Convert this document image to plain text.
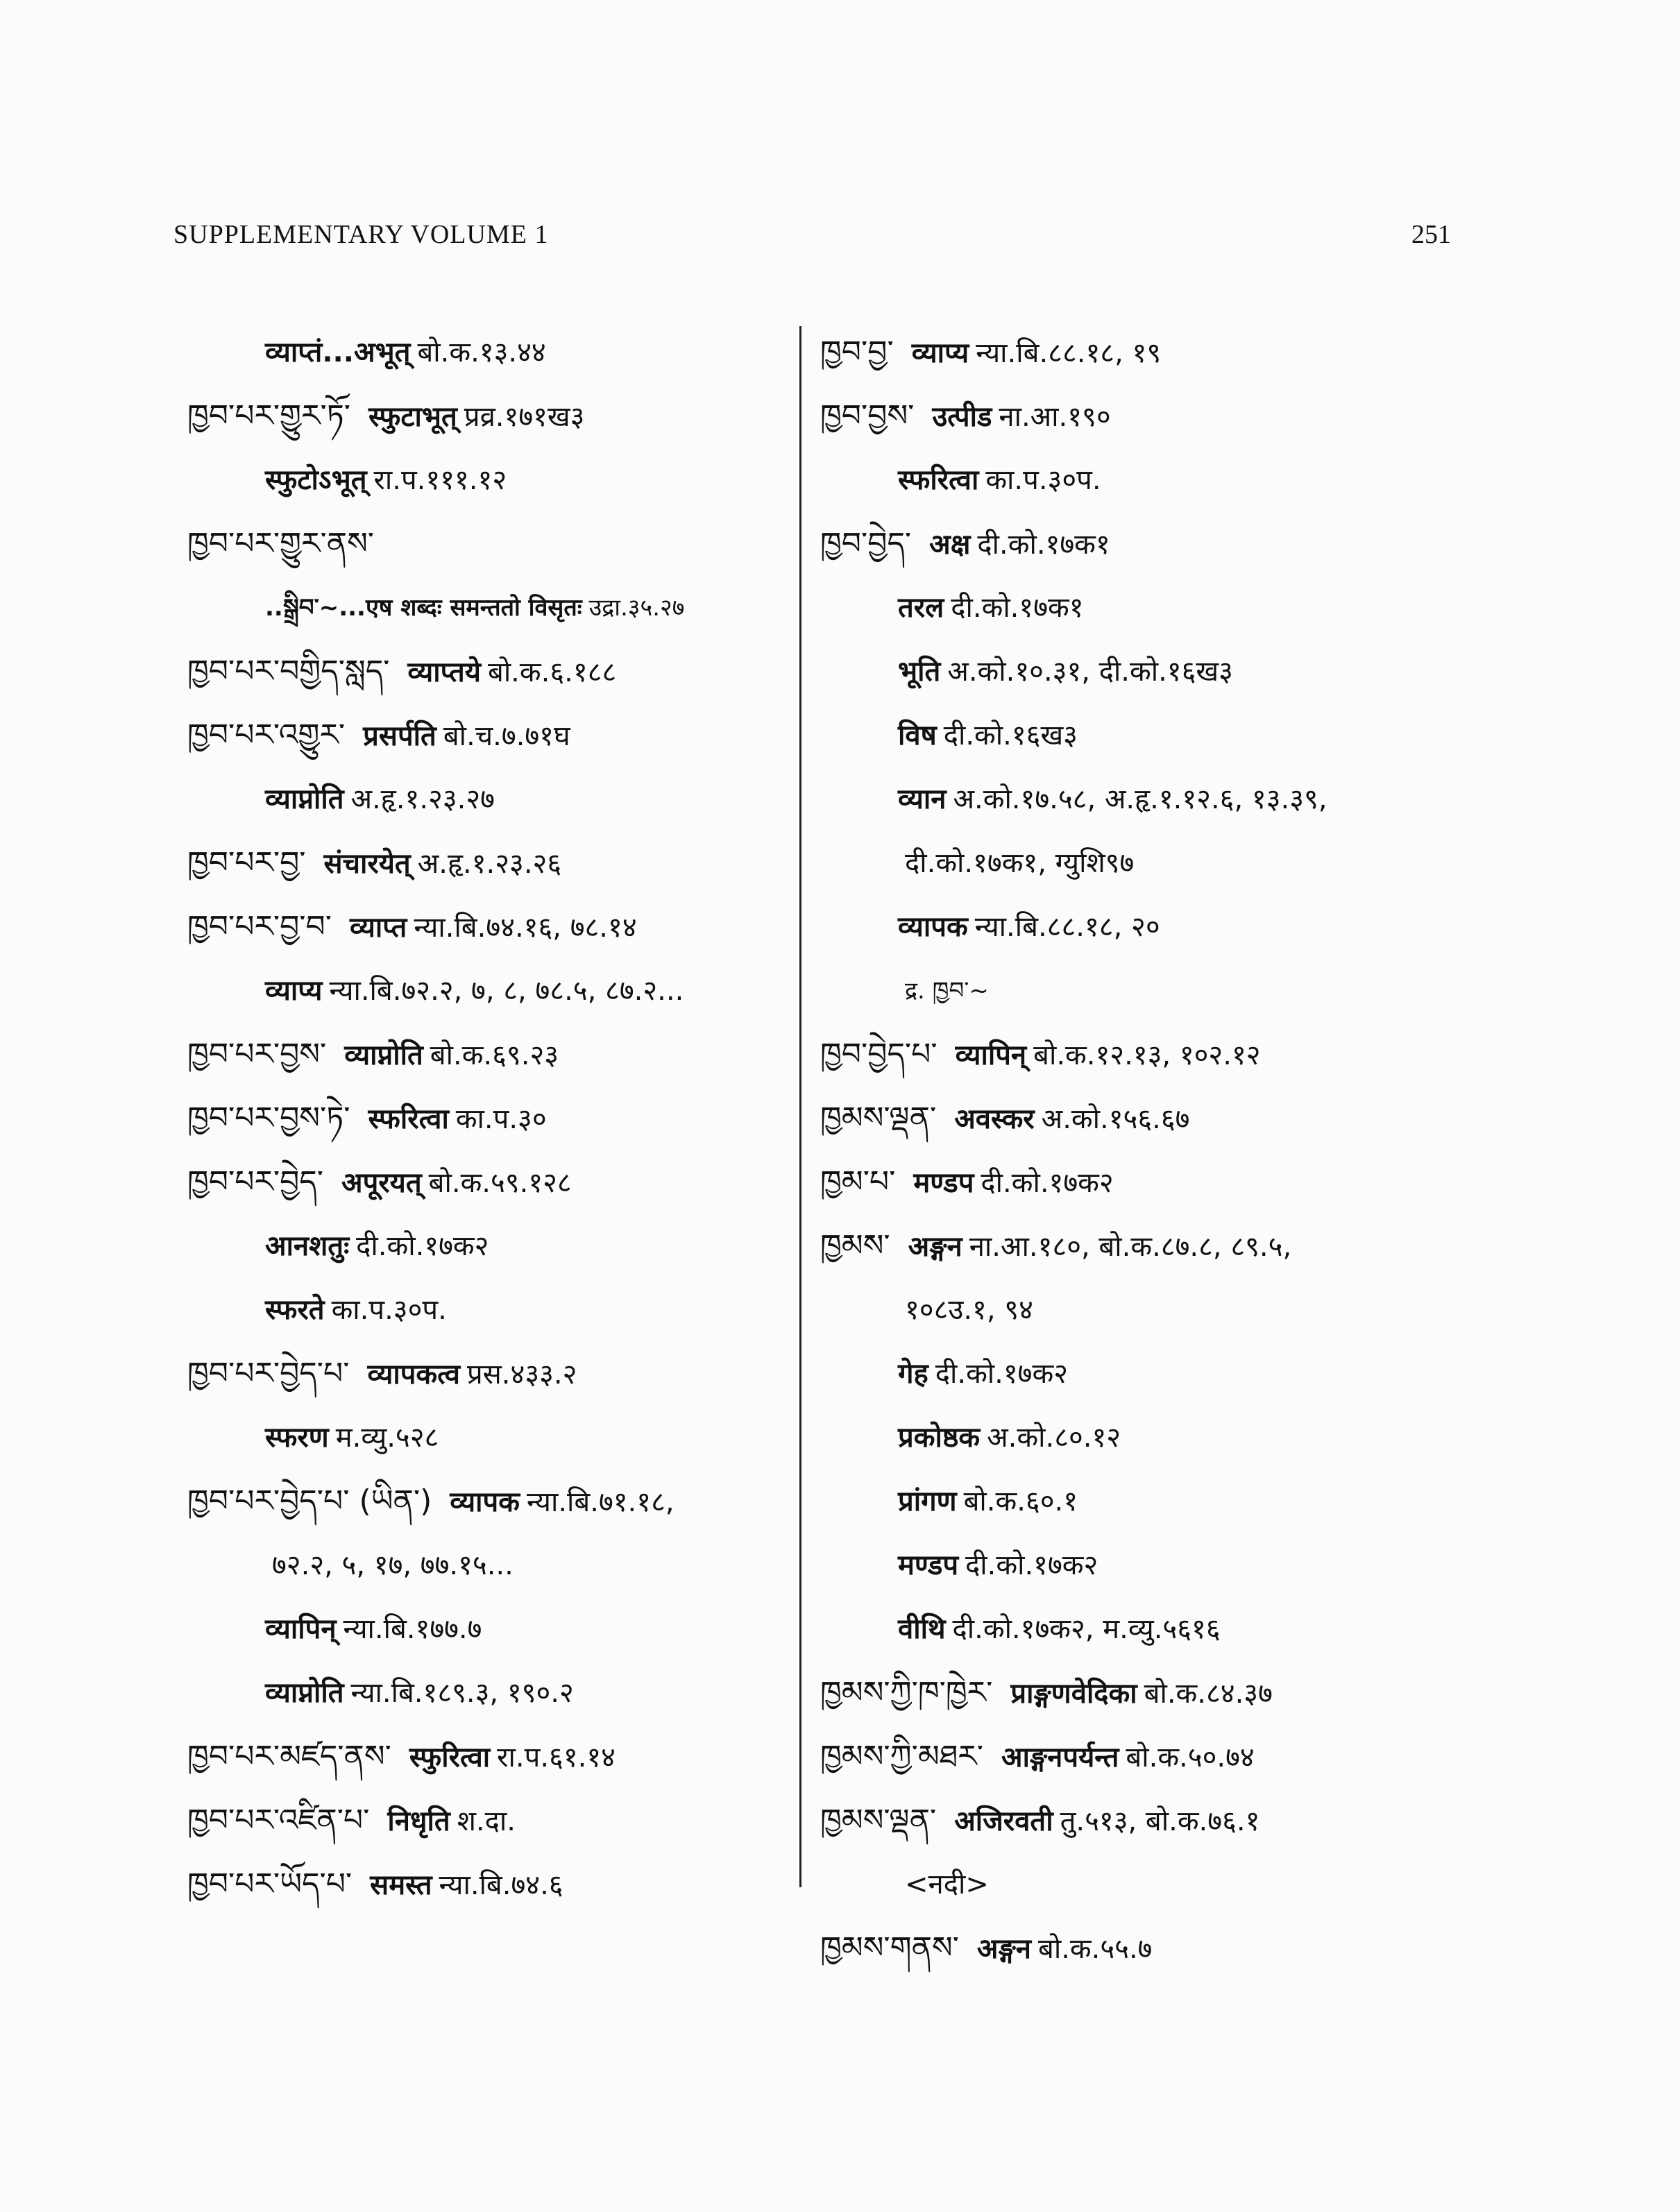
SUPPLEMENTARY VOLUME 1	251
व्याप्तं...अभूत् बो.क.१३.४४
ཁྱབ་པར་གྱུར་ཏོ་ स्फुटाभूत् प्रव्र.१७१ख३
स्फुटोऽभूत् रा.प.१११.१२
ཁྱབ་པར་གྱུར་ནས་
..སྒྲིབ་~...एष शब्दः समन्ततो विसृतः उद्रा.३५.२७
ཁྱབ་པར་བགྱིད་སླད་ व्याप्तये बो.क.६.१८८
ཁྱབ་པར་འགྱུར་ प्रसर्पति बो.च.७.७१घ
व्याप्नोति अ.हृ.१.२३.२७
ཁྱབ་པར་བྱ་ संचारयेत् अ.हृ.१.२३.२६
ཁྱབ་པར་བྱ་བ་ व्याप्त न्या.बि.७४.१६, ७८.१४
व्याप्य न्या.बि.७२.२, ७, ८, ७८.५, ८७.२...
ཁྱབ་པར་བྱས་ व्याप्नोति बो.क.६९.२३
ཁྱབ་པར་བྱས་ཏེ་ स्फरित्वा का.प.३०
ཁྱབ་པར་བྱེད་ अपूरयत् बो.क.५९.१२८
आनशतुः दी.को.१७क२
स्फरते का.प.३०प.
ཁྱབ་པར་བྱེད་པ་ व्यापकत्व प्रस.४३३.२
स्फरण म.व्यु.५२८
ཁྱབ་པར་བྱེད་པ་ (ཡིན་) व्यापक न्या.बि.७१.१८,
७२.२, ५, १७, ७७.१५...
व्यापिन् न्या.बि.१७७.७
व्याप्नोति न्या.बि.१८९.३, १९०.२
ཁྱབ་པར་མཛད་ནས་ स्फुरित्वा रा.प.६१.१४
ཁྱབ་པར་འཛིན་པ་ निधृति श.दा.
ཁྱབ་པར་ཡོད་པ་ समस्त न्या.बि.७४.६
ཁྱབ་བྱ་ व्याप्य न्या.बि.८८.१८, १९
ཁྱབ་བྱས་ उत्पीड ना.आ.१९०
स्फरित्वा का.प.३०प.
ཁྱབ་བྱེད་ अक्ष दी.को.१७क१
तरल दी.को.१७क१
भूति अ.को.१०.३१, दी.को.१६ख३
विष दी.को.१६ख३
व्यान अ.को.१७.५८, अ.हृ.१.१२.६, १३.३९,
दी.को.१७क१, ग्युशि९७
व्यापक न्या.बि.८८.१८, २०
द्र. ཁྱབ་~
ཁྱབ་བྱེད་པ་ व्यापिन् बो.क.१२.१३, १०२.१२
ཁྱམས་ལྡན་ अवस्कर अ.को.१५६.६७
ཁྱམ་པ་ मण्डप दी.को.१७क२
ཁྱམས་ अङ्गन ना.आ.१८०, बो.क.८७.८, ८९.५,
१०८उ.१, ९४
गेह दी.को.१७क२
प्रकोष्ठक अ.को.८०.१२
प्रांगण बो.क.६०.१
मण्डप दी.को.१७क२
वीथि दी.को.१७क२, म.व्यु.५६१६
ཁྱམས་ཀྱི་ཁ་ཁྱེར་ प्राङ्गणवेदिका बो.क.८४.३७
ཁྱམས་ཀྱི་མཐར་ आङ्गनपर्यन्त बो.क.५०.७४
ཁྱམས་ལྡན་ अजिरवती तु.५१३, बो.क.७६.१
<नदी>
ཁྱམས་གནས་ अङ्गन बो.क.५५.७
